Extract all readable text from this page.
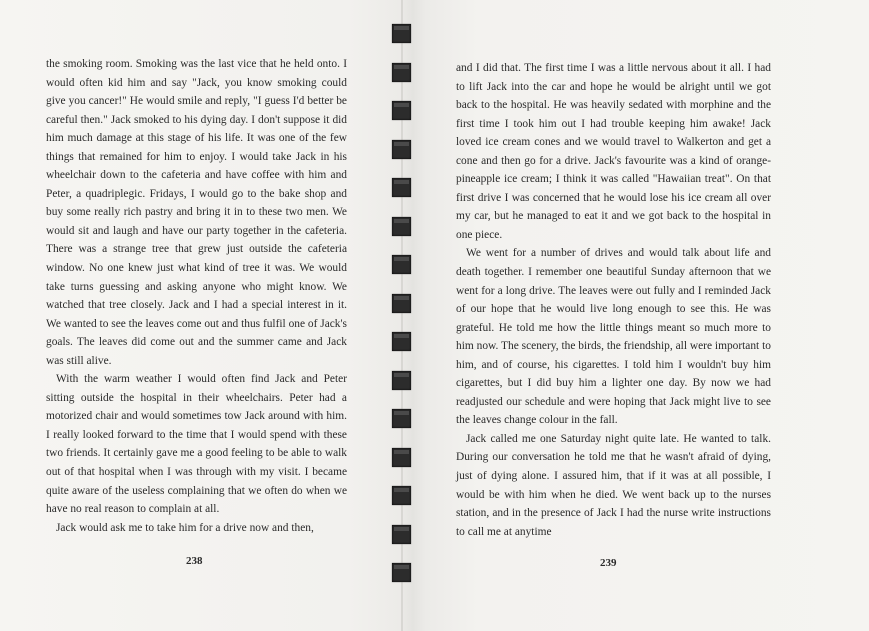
the smoking room. Smoking was the last vice that he held onto. I would often kid him and say "Jack, you know smoking could give you cancer!" He would smile and reply, "I guess I'd better be careful then." Jack smoked to his dying day. I don't suppose it did him much damage at this stage of his life. It was one of the few things that remained for him to enjoy. I would take Jack in his wheelchair down to the cafeteria and have coffee with him and Peter, a quadriplegic. Fridays, I would go to the bake shop and buy some really rich pastry and bring it in to these two men. We would sit and laugh and have our party together in the cafeteria. There was a strange tree that grew just outside the cafeteria window. No one knew just what kind of tree it was. We would take turns guessing and asking anyone who might know. We watched that tree closely. Jack and I had a special interest in it. We wanted to see the leaves come out and thus fulfil one of Jack's goals. The leaves did come out and the summer came and Jack was still alive.

With the warm weather I would often find Jack and Peter sitting outside the hospital in their wheelchairs. Peter had a motorized chair and would sometimes tow Jack around with him. I really looked forward to the time that I would spend with these two friends. It certainly gave me a good feeling to be able to walk out of that hospital when I was through with my visit. I became quite aware of the useless complaining that we often do when we have no real reason to complain at all.

Jack would ask me to take him for a drive now and then,

238

and I did that. The first time I was a little nervous about it all. I had to lift Jack into the car and hope he would be alright until we got back to the hospital. He was heavily sedated with morphine and the first time I took him out I had trouble keeping him awake! Jack loved ice cream cones and we would travel to Walkerton and get a cone and then go for a drive. Jack's favourite was a kind of orange-pineapple ice cream; I think it was called "Hawaiian treat". On that first drive I was concerned that he would lose his ice cream all over my car, but he managed to eat it and we got back to the hospital in one piece.

We went for a number of drives and would talk about life and death together. I remember one beautiful Sunday afternoon that we went for a long drive. The leaves were out fully and I reminded Jack of our hope that he would live long enough to see this. He was grateful. He told me how the little things meant so much more to him now. The scenery, the birds, the friendship, all were important to him, and of course, his cigarettes. I told him I wouldn't buy him cigarettes, but I did buy him a lighter one day. By now we had readjusted our schedule and were hoping that Jack might live to see the leaves change colour in the fall.

Jack called me one Saturday night quite late. He wanted to talk. During our conversation he told me that he wasn't afraid of dying, just of dying alone. I assured him, that if it was at all possible, I would be with him when he died. We went back up to the nurses station, and in the presence of Jack I had the nurse write instructions to call me at anytime

239
